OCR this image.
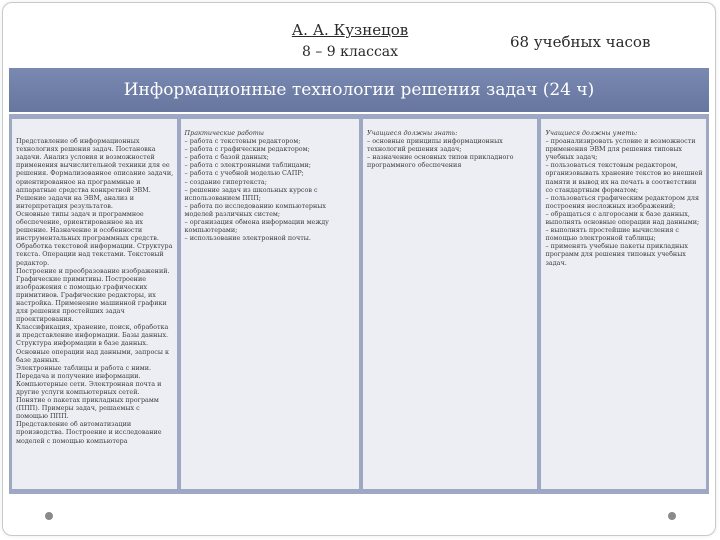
А. А. Кузнецов
8 – 9 классах
68 учебных часов
Информационные технологии решения задач (24 ч)

Представление об информационных технологиях решения задач. Постановка задачи. Анализ условия и возможностей применения вычислительной техники для ее решения. Формализованное описание задачи, ориентированное на программные и аппаратные средства конкретной ЭВМ. Решение задачи на ЭВМ, анализ и интерпретация результатов.
Основные типы задач и программное обеспечение, ориентированное на их решение. Назначение и особенности инструментальных программных средств.
Обработка текстовой информации. Структура текста. Операции над текстами. Текстовый редактор.
Построение и преобразование изображений. Графические примитивы. Построение изображения с помощью графических примитивов. Графические редакторы, их настройка. Применение машинной графики для решения простейших задач проектирования.
Классификация, хранение, поиск, обработка и представление информации. Базы данных. Структура информации в базе данных. Основные операции над данными, запросы к базе данных.
Электронные таблицы и работа с ними. Передача и получение информации. Компьютерные сети. Электронная почта и другие услуги компьютерных сетей.
Понятие о пакетах прикладных программ (ППП). Примеры задач, решаемых с помощью ППП.
Представление об автоматизации производства. Построение и исследование моделей с помощью компьютера

Практические работы
– работа с текстовым редактором;
– работа с графическим редактором;
– работа с базой данных;
– работа с электронными таблицами;
– работа с учебной моделью САПР;
– создание гипертекста;
– решение задач из школьных курсов с использованием ППП;
– работа по исследованию компьютерных моделей различных систем;
– организация обмена информации между компьютерами;
– использование электронной почты.
Учащиеся должны знать:
– основные принципы информационных технологий решения задач;
– назначение основных типов прикладного программного обеспечения
Учащиеся должны уметь:
– проанализировать условие и возможности применения ЭВМ для решения типовых учебных задач;
– пользоваться текстовым редактором, организовывать хранение текстов во внешней памяти и вывод их на печать в соответствии со стандартным форматом;
– пользоваться графическим редактором для построения несложных изображений;
– обращаться с алгоросами к базе данных, выполнять основные операции над данными;
– выполнять простейшие вычисления с помощью электронной таблицы;
– применять учебные пакеты прикладных программ для решения типовых учебных задач.
